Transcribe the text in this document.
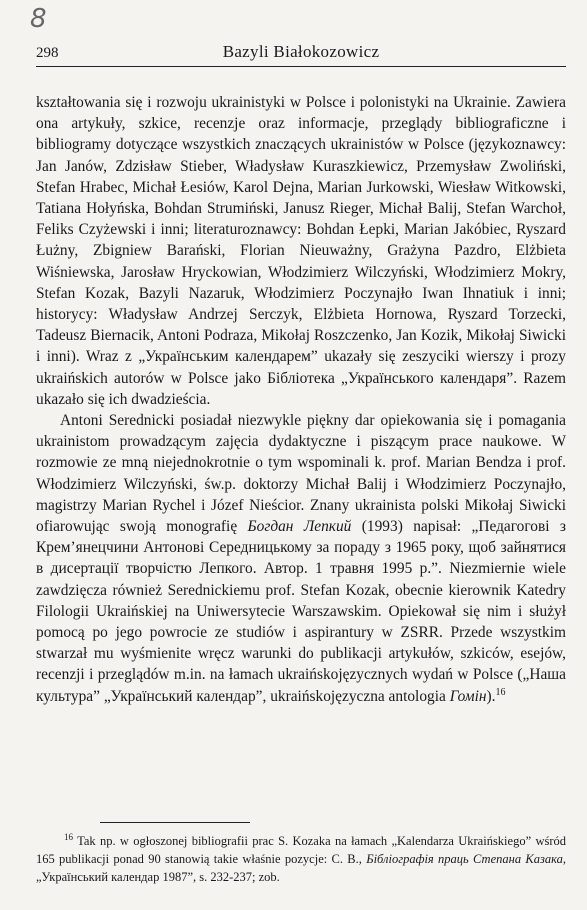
8
298	Bazyli Białokozowicz

kształtowania się i rozwoju ukrainistyki w Polsce i polonistyki na Ukrainie. Zawiera ona artykuły, szkice, recenzje oraz informacje, przeglądy bibliograficzne i bibliogramy dotyczące wszystkich znaczących ukrainistów w Polsce (językoznawcy: Jan Janów, Zdzisław Stieber, Władysław Kuraszkiewicz, Przemysław Zwoliński, Stefan Hrabec, Michał Łesiów, Karol Dejna, Marian Jurkowski, Wiesław Witkowski, Tatiana Hołyńska, Bohdan Strumiński, Janusz Rieger, Michał Balij, Stefan Warchoł, Feliks Czyżewski i inni; literaturoznawcy: Bohdan Łepki, Marian Jakóbiec, Ryszard Łużny, Zbigniew Barański, Florian Nieuważny, Grażyna Pazdro, Elżbieta Wiśniewska, Jarosław Hryckowian, Włodzimierz Wilczyński, Włodzimierz Mokry, Stefan Kozak, Bazyli Nazaruk, Włodzimierz Poczynajło Iwan Ihnatiuk i inni; historycy: Władysław Andrzej Serczyk, Elżbieta Hornowa, Ryszard Torzecki, Tadeusz Biernacik, Antoni Podraza, Mikołaj Roszczenko, Jan Kozik, Mikołaj Siwicki i inni). Wraz z „Українським календарем” ukazały się zeszyciki wierszy i prozy ukraińskich autorów w Polsce jako Бібліотека „Українського календаря”. Razem ukazało się ich dwadzieścia.

Antoni Serednicki posiadał niezwykle piękny dar opiekowania się i pomagania ukrainistom prowadzącym zajęcia dydaktyczne i piszącym prace naukowe. W rozmowie ze mną niejednokrotnie o tym wspominali k. prof. Marian Bendza i prof. Włodzimierz Wilczyński, św.p. doktorzy Michał Balij i Włodzimierz Poczynajło, magistrzy Marian Rychel i Józef Nieścior. Znany ukrainista polski Mikołaj Siwicki ofiarowując swoją monografię Богдан Лепкий (1993) napisał: „Педагогові з Крем’янецчини Антонові Середницькому за пораду з 1965 року, щоб зайнятися в дисертації творчістю Лепкого. Автор. 1 травня 1995 р.”. Niezmiernie wiele zawdzięcza również Serednickiemu prof. Stefan Kozak, obecnie kierownik Katedry Filologii Ukraińskiej na Uniwersytecie Warszawskim. Opiekował się nim i służył pomocą po jego powrocie ze studiów i aspirantury w ZSRR. Przede wszystkim stwarzał mu wyśmienite wręcz warunki do publikacji artykułów, szkiców, esejów, recenzji i przeglądów m.in. na łamach ukraińskojęzycznych wydań w Polsce („Наша культура” „Український календар”, ukraińskojęzyczna antologia Гомін).$^{16}$

$^{16}$ Tak np. w ogłoszonej bibliografii prac S. Kozaka na łamach „Kalendarza Ukraińskiego” wśród 165 publikacji ponad 90 stanowią takie właśnie pozycje: С. В., Бібліографія праць Степана Казака, „Український календар 1987”, s. 232-237; zob.
